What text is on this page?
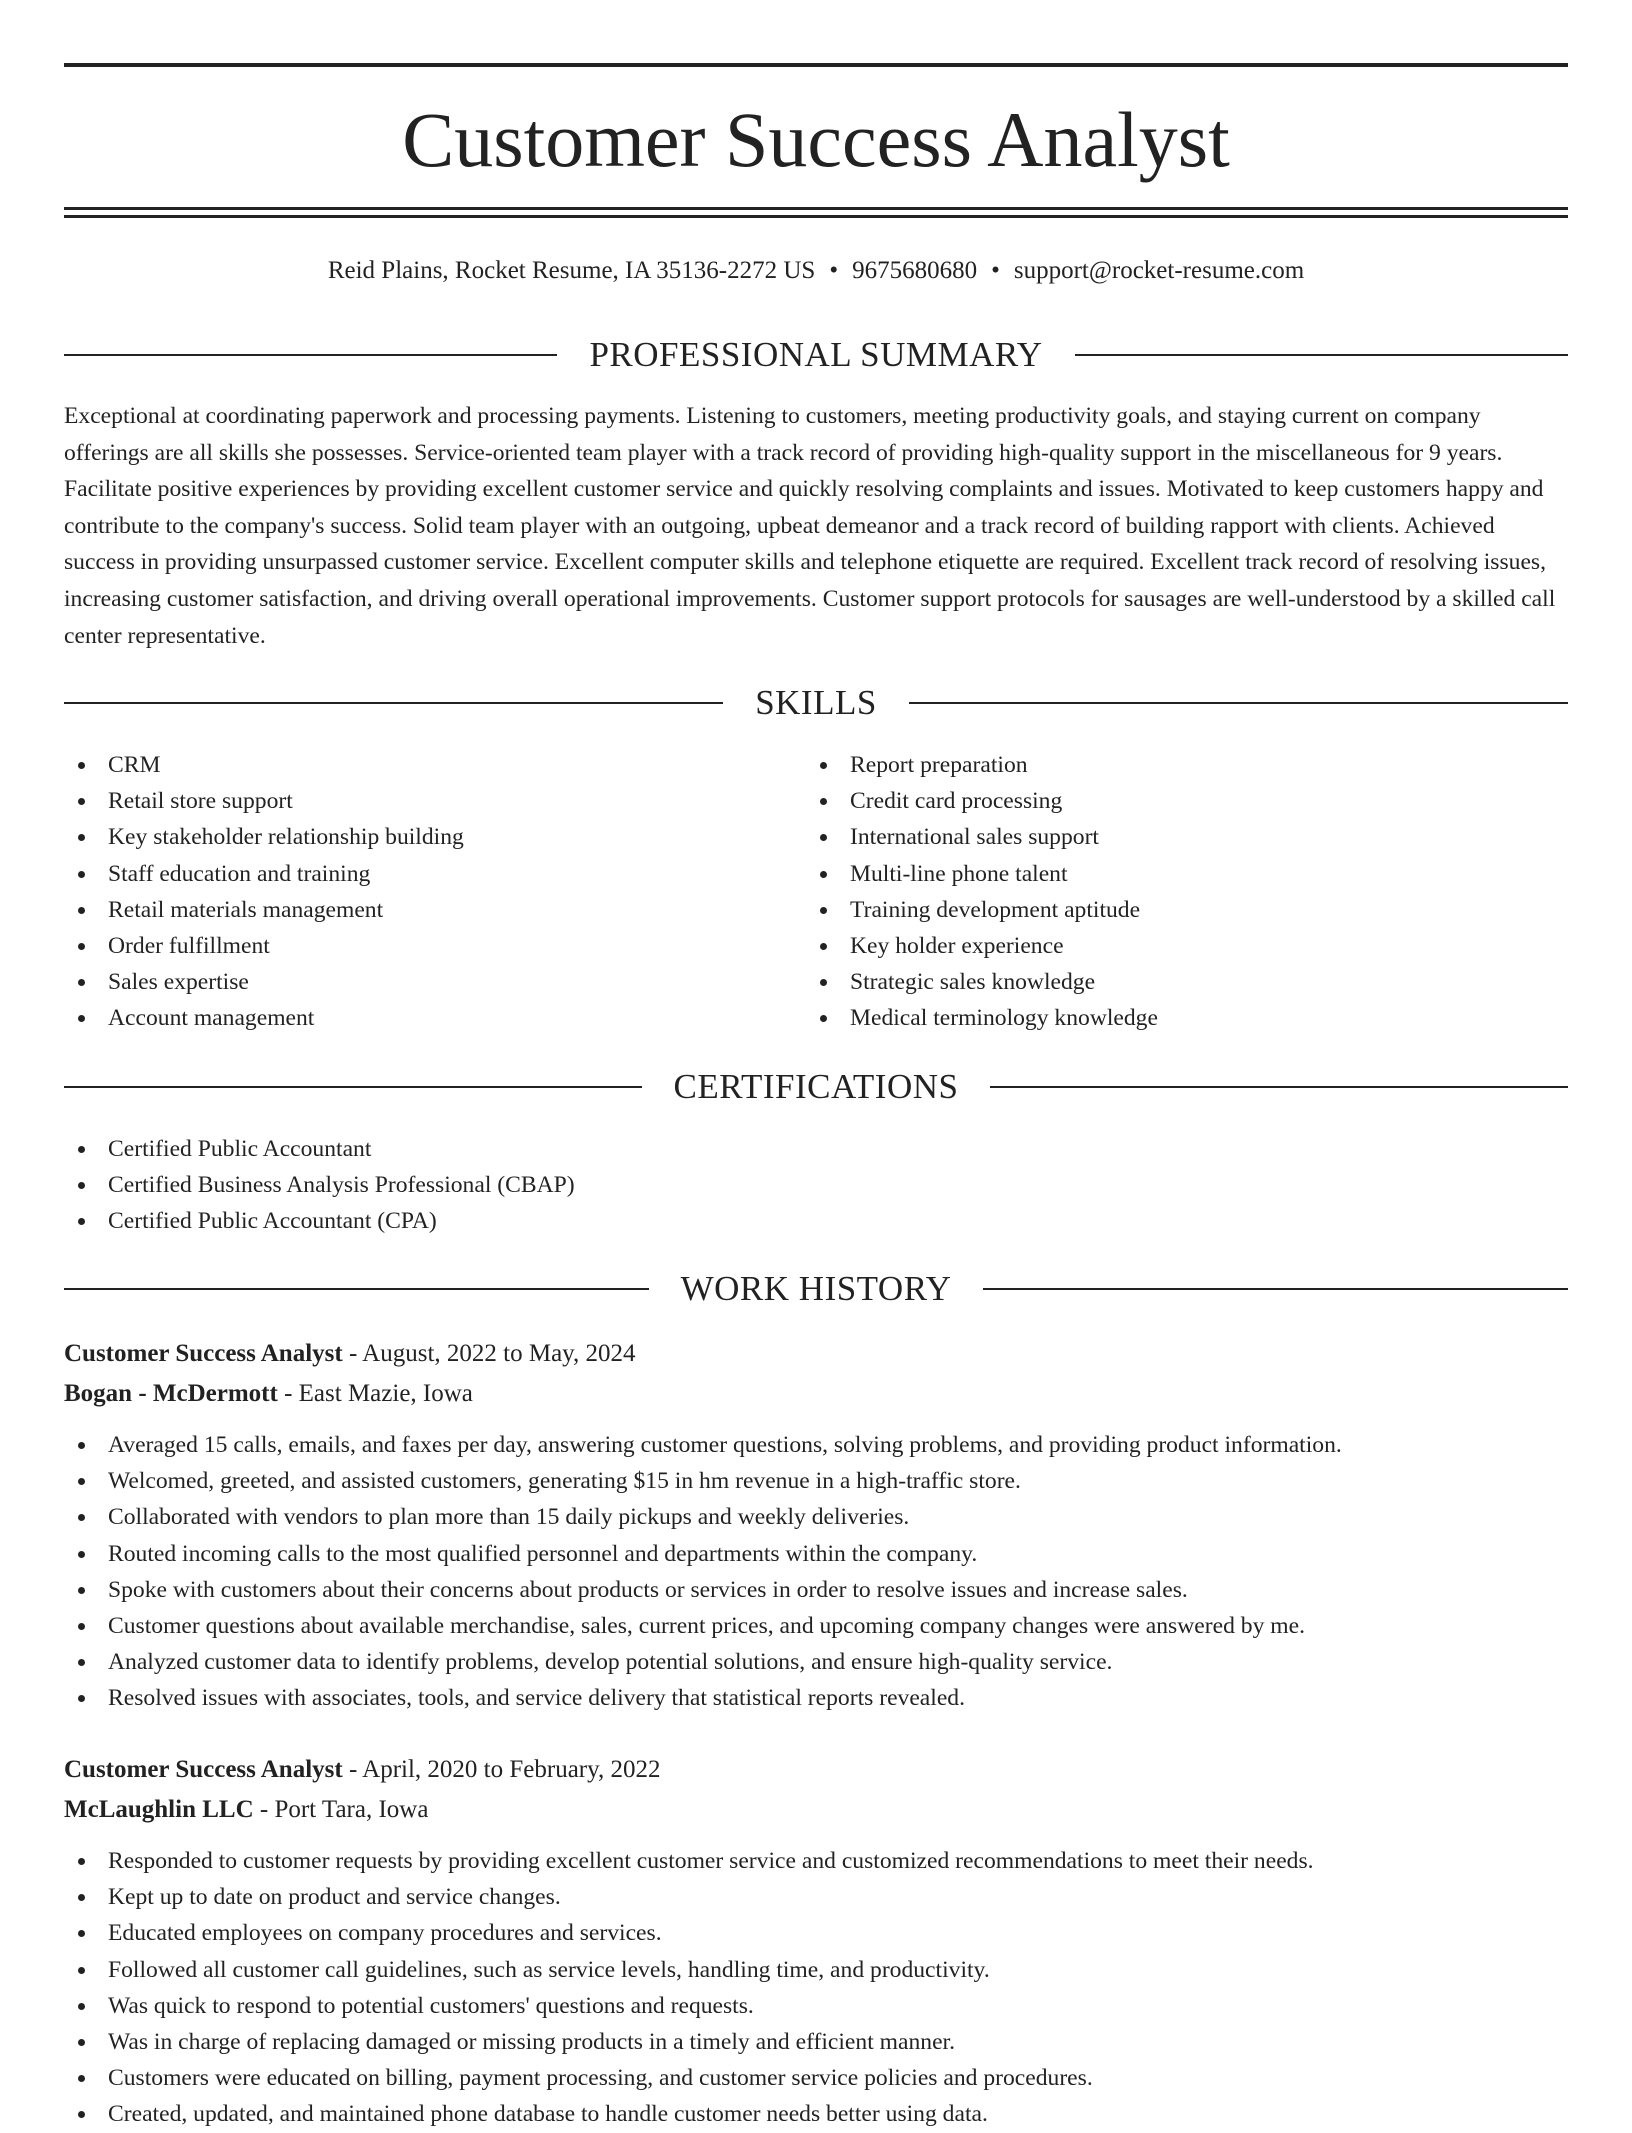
Customer Success Analyst
Reid Plains, Rocket Resume, IA 35136-2272 US • 9675680680 • support@rocket-resume.com
PROFESSIONAL SUMMARY

Exceptional at coordinating paperwork and processing payments. Listening to customers, meeting productivity goals, and staying current on company offerings are all skills she possesses. Service-oriented team player with a track record of providing high-quality support in the miscellaneous for 9 years. Facilitate positive experiences by providing excellent customer service and quickly resolving complaints and issues. Motivated to keep customers happy and contribute to the company's success. Solid team player with an outgoing, upbeat demeanor and a track record of building rapport with clients. Achieved success in providing unsurpassed customer service. Excellent computer skills and telephone etiquette are required. Excellent track record of resolving issues, increasing customer satisfaction, and driving overall operational improvements. Customer support protocols for sausages are well-understood by a skilled call center representative.

SKILLS
CRM
Retail store support
Key stakeholder relationship building
Staff education and training
Retail materials management
Order fulfillment
Sales expertise
Account management
Report preparation
Credit card processing
International sales support
Multi-line phone talent
Training development aptitude
Key holder experience
Strategic sales knowledge
Medical terminology knowledge
CERTIFICATIONS
Certified Public Accountant
Certified Business Analysis Professional (CBAP)
Certified Public Accountant (CPA)
WORK HISTORY
Customer Success Analyst - August, 2022 to May, 2024
Bogan - McDermott - East Mazie, Iowa
Averaged 15 calls, emails, and faxes per day, answering customer questions, solving problems, and providing product information.
Welcomed, greeted, and assisted customers, generating $15 in hm revenue in a high-traffic store.
Collaborated with vendors to plan more than 15 daily pickups and weekly deliveries.
Routed incoming calls to the most qualified personnel and departments within the company.
Spoke with customers about their concerns about products or services in order to resolve issues and increase sales.
Customer questions about available merchandise, sales, current prices, and upcoming company changes were answered by me.
Analyzed customer data to identify problems, develop potential solutions, and ensure high-quality service.
Resolved issues with associates, tools, and service delivery that statistical reports revealed.
Customer Success Analyst - April, 2020 to February, 2022
McLaughlin LLC - Port Tara, Iowa
Responded to customer requests by providing excellent customer service and customized recommendations to meet their needs.
Kept up to date on product and service changes.
Educated employees on company procedures and services.
Followed all customer call guidelines, such as service levels, handling time, and productivity.
Was quick to respond to potential customers' questions and requests.
Was in charge of replacing damaged or missing products in a timely and efficient manner.
Customers were educated on billing, payment processing, and customer service policies and procedures.
Created, updated, and maintained phone database to handle customer needs better using data.
